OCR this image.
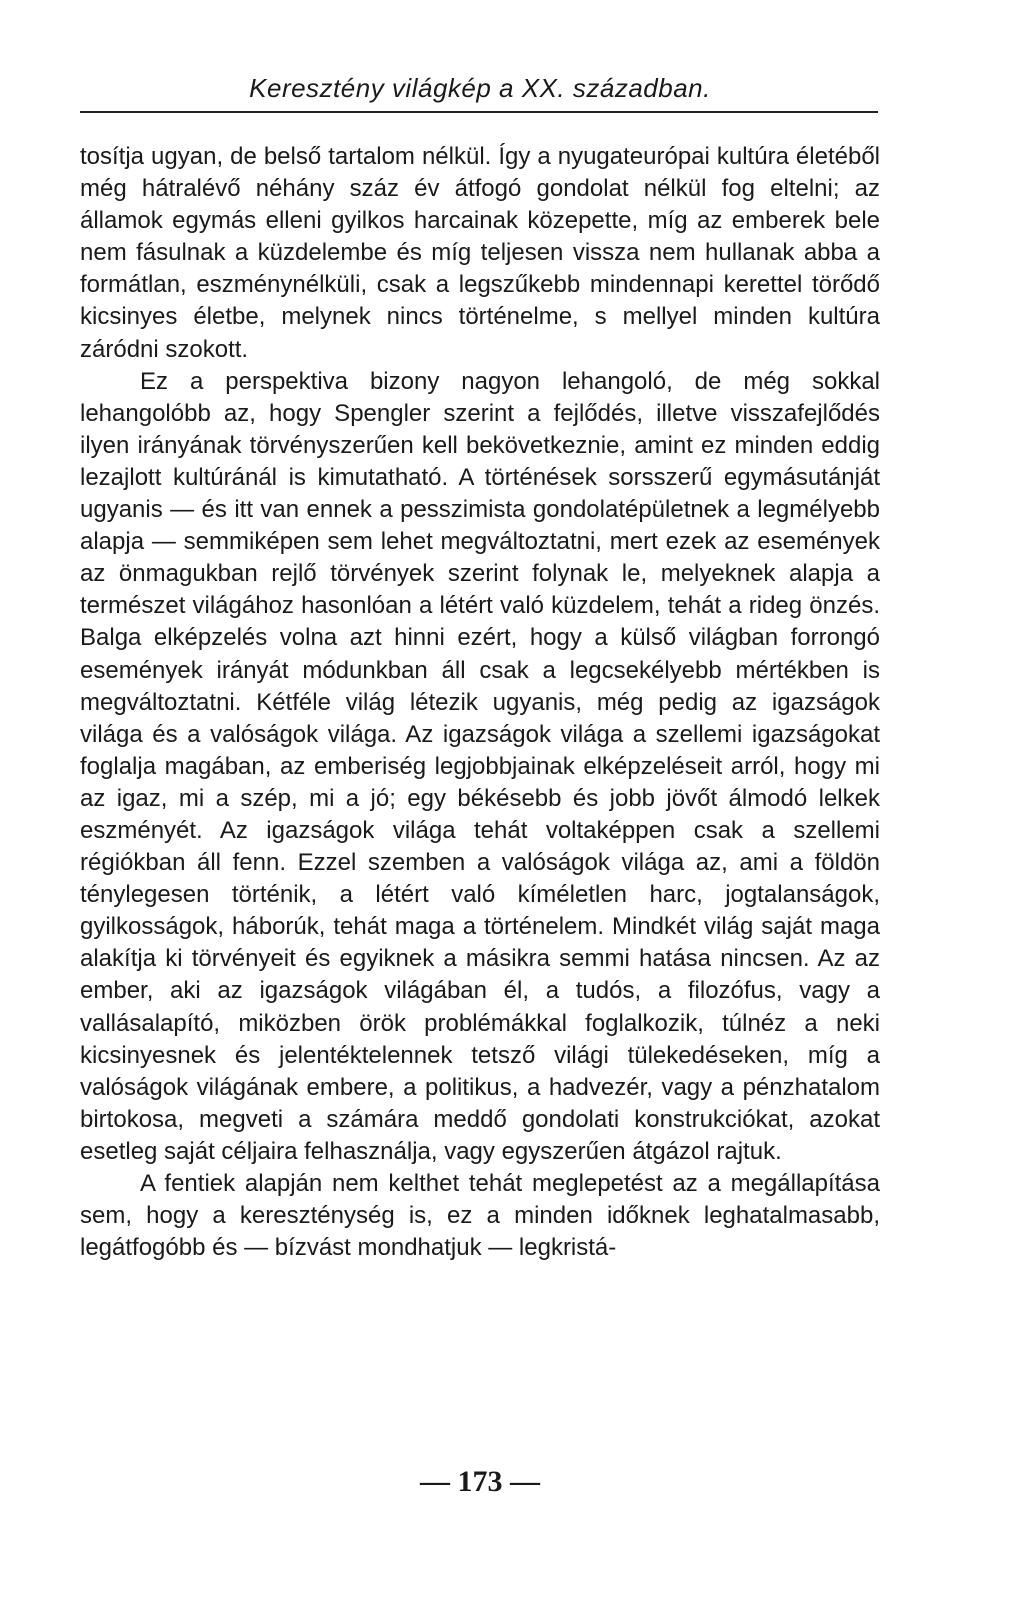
Keresztény világkép a XX. században.

tosítja ugyan, de belső tartalom nélkül. Így a nyugateurópai kultúra életéből még hátralévő néhány száz év átfogó gondolat nélkül fog eltelni; az államok egymás elleni gyilkos harcainak közepette, míg az emberek bele nem fásulnak a küzdelembe és míg teljesen vissza nem hullanak abba a formátlan, eszménynélküli, csak a legszűkebb mindennapi kerettel törődő kicsinyes életbe, melynek nincs történelme, s mellyel minden kultúra záródni szokott.

Ez a perspektiva bizony nagyon lehangoló, de még sokkal lehangolóbb az, hogy Spengler szerint a fejlődés, illetve visszafejlődés ilyen irányának törvényszerűen kell bekövetkeznie, amint ez minden eddig lezajlott kultúránál is kimutatható. A történések sorsszerű egymásutánját ugyanis — és itt van ennek a pesszimista gondolatépületnek a legmélyebb alapja — semmiképen sem lehet megváltoztatni, mert ezek az események az önmagukban rejlő törvények szerint folynak le, melyeknek alapja a természet világához hasonlóan a létért való küzdelem, tehát a rideg önzés. Balga elképzelés volna azt hinni ezért, hogy a külső világban forrongó események irányát módunkban áll csak a legcsekélyebb mértékben is megváltoztatni. Kétféle világ létezik ugyanis, még pedig az igazságok világa és a valóságok világa. Az igazságok világa a szellemi igazságokat foglalja magában, az emberiség legjobbjainak elképzeléseit arról, hogy mi az igaz, mi a szép, mi a jó; egy békésebb és jobb jövőt álmodó lelkek eszményét. Az igazságok világa tehát voltaképpen csak a szellemi régiókban áll fenn. Ezzel szemben a valóságok világa az, ami a földön ténylegesen történik, a létért való kíméletlen harc, jogtalanságok, gyilkosságok, háborúk, tehát maga a történelem. Mindkét világ saját maga alakítja ki törvényeit és egyiknek a másikra semmi hatása nincsen. Az az ember, aki az igazságok világában él, a tudós, a filozófus, vagy a vallásalapító, miközben örök problémákkal foglalkozik, túlnéz a neki kicsinyesnek és jelentéktelennek tetsző világi tülekedéseken, míg a valóságok világának embere, a politikus, a hadvezér, vagy a pénzhatalom birtokosa, megveti a számára meddő gondolati konstrukciókat, azokat esetleg saját céljaira felhasználja, vagy egyszerűen átgázol rajtuk.

A fentiek alapján nem kelthet tehát meglepetést az a megállapítása sem, hogy a kereszténység is, ez a minden időknek leghatalmasabb, legátfogóbb és — bízvást mondhatjuk — legkristá-

— 173 —
